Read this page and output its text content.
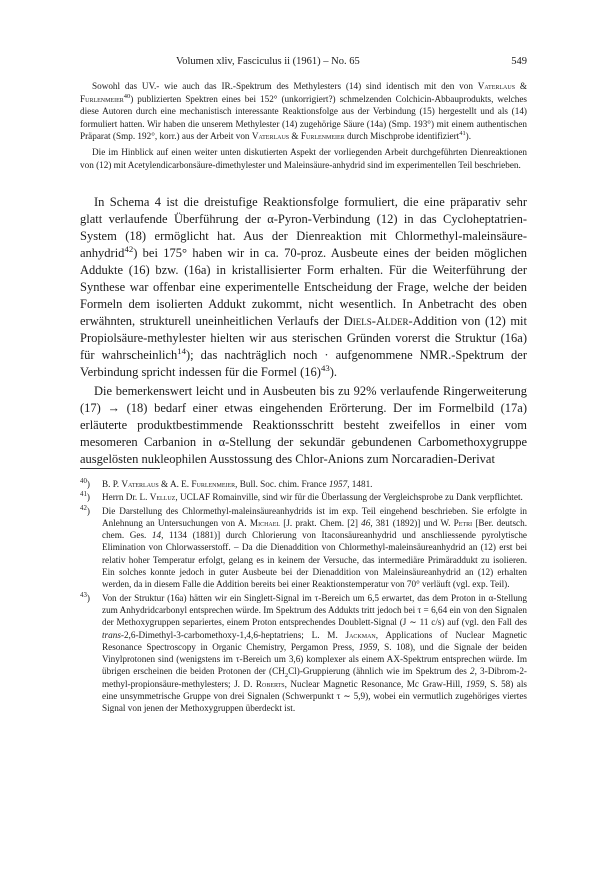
Volumen xliv, Fasciculus ii (1961) – No. 65	549

Sowohl das UV.- wie auch das IR.-Spektrum des Methylesters (14) sind identisch mit den von Vaterlaus & Furlenmeier$^{40}$) publizierten Spektren eines bei 152° (unkorrigiert?) schmelzenden Colchicin-Abbauprodukts, welches diese Autoren durch eine mechanistisch interessante Reaktionsfolge aus der Verbindung (15) hergestellt und als (14) formuliert hatten. Wir haben die unserem Methylester (14) zugehörige Säure (14a) (Smp. 193°) mit einem authentischen Präparat (Smp. 192°, korr.) aus der Arbeit von Vaterlaus & Furlenmeier durch Mischprobe identifiziert$^{41}$).

Die im Hinblick auf einen weiter unten diskutierten Aspekt der vorliegenden Arbeit durchgeführten Dienreaktionen von (12) mit Acetylendicarbonsäure-dimethylester und Maleinsäure-anhydrid sind im experimentellen Teil beschrieben.

In Schema 4 ist die dreistufige Reaktionsfolge formuliert, die eine präparativ sehr glatt verlaufende Überführung der α-Pyron-Verbindung (12) in das Cycloheptatrien-System (18) ermöglicht hat. Aus der Dienreaktion mit Chlormethyl-maleinsäure-anhydrid$^{42}$) bei 175° haben wir in ca. 70-proz. Ausbeute eines der beiden möglichen Addukte (16) bzw. (16a) in kristallisierter Form erhalten. Für die Weiterführung der Synthese war offenbar eine experimentelle Entscheidung der Frage, welche der beiden Formeln dem isolierten Addukt zukommt, nicht wesentlich. In Anbetracht des oben erwähnten, strukturell uneinheitlichen Verlaufs der Diels-Alder-Addition von (12) mit Propiolsäure-methylester hielten wir aus sterischen Gründen vorerst die Struktur (16a) für wahrscheinlich$^{14}$); das nachträglich noch · aufgenommene NMR.-Spektrum der Verbindung spricht indessen für die Formel $(16)^{43}$).

Die bemerkenswert leicht und in Ausbeuten bis zu 92% verlaufende Ringerweiterung (17) → (18) bedarf einer etwas eingehenden Erörterung. Der im Formelbild (17a) erläuterte produktbestimmende Reaktionsschritt besteht zweifellos in einer vom mesomeren Carbanion in α-Stellung der sekundär gebundenen Carbomethoxygruppe ausgelösten nukleophilen Ausstossung des Chlor-Anions zum Norcaradien-Derivat

$^{40}$) B. P. Vaterlaus & A. E. Furlenmeier, Bull. Soc. chim. France 1957, 1481.
$^{41}$) Herrn Dr. L. Velluz, UCLAF Romainville, sind wir für die Überlassung der Vergleichsprobe zu Dank verpflichtet.
$^{42}$) Die Darstellung des Chlormethyl-maleinsäureanhydrids ist im exp. Teil eingehend beschrieben. Sie erfolgte in Anlehnung an Untersuchungen von A. Michael [J. prakt. Chem. [2] 46, 381 (1892)] und W. Petri [Ber. deutsch. chem. Ges. 14, 1134 (1881)] durch Chlorierung von Itaconsäureanhydrid und anschliessende pyrolytische Elimination von Chlorwasserstoff. – Da die Dienaddition von Chlormethyl-maleinsäureanhydrid an (12) erst bei relativ hoher Temperatur erfolgt, gelang es in keinem der Versuche, das intermediäre Primäraddukt zu isolieren. Ein solches konnte jedoch in guter Ausbeute bei der Dienaddition von Maleinsäureanhydrid an (12) erhalten werden, da in diesem Falle die Addition bereits bei einer Reaktionstemperatur von 70° verläuft (vgl. exp. Teil).
$^{43}$) Von der Struktur (16a) hätten wir ein Singlett-Signal im τ-Bereich um 6,5 erwartet, das dem Proton in α-Stellung zum Anhydridcarbonyl entsprechen würde. Im Spektrum des Addukts tritt jedoch bei τ = 6,64 ein von den Signalen der Methoxygruppen separiertes, einem Proton entsprechendes Doublett-Signal (J ∼ 11 c/s) auf (vgl. den Fall des trans-2,6-Dimethyl-3-carbomethoxy-1,4,6-heptatriens; L. M. Jackman, Applications of Nuclear Magnetic Resonance Spectroscopy in Organic Chemistry, Pergamon Press, 1959, S. 108), und die Signale der beiden Vinylprotonen sind (wenigstens im τ-Bereich um 3,6) komplexer als einem AX-Spektrum entsprechen würde. Im übrigen erscheinen die beiden Protonen der $(CH_2Cl)$-Gruppierung (ähnlich wie im Spektrum des 2, 3-Dibrom-2-methyl-propionsäure-methylesters; J. D. Roberts, Nuclear Magnetic Resonance, Mc Graw-Hill, 1959, S. 58) als eine unsymmetrische Gruppe von drei Signalen (Schwerpunkt τ ∼ 5,9), wobei ein vermutlich zugehöriges viertes Signal von jenen der Methoxygruppen überdeckt ist.
